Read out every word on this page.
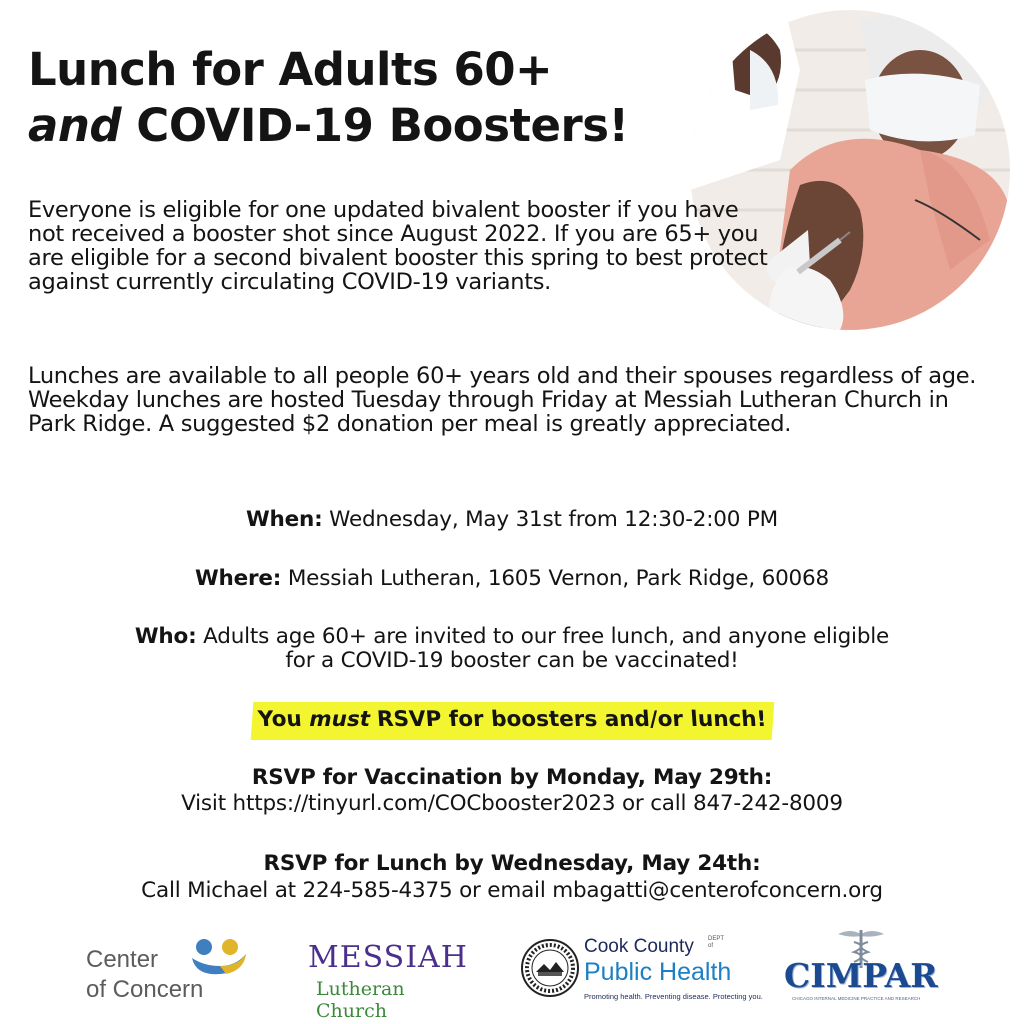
Lunch for Adults 60+
and COVID-19 Boosters!

Everyone is eligible for one updated bivalent booster if you have not received a booster shot since August 2022. If you are 65+ you are eligible for a second bivalent booster this spring to best protect against currently circulating COVID-19 variants.

Lunches are available to all people 60+ years old and their spouses regardless of age. Weekday lunches are hosted Tuesday through Friday at Messiah Lutheran Church in Park Ridge. A suggested $2 donation per meal is greatly appreciated.

When: Wednesday, May 31st from 12:30-2:00 PM

Where: Messiah Lutheran, 1605 Vernon, Park Ridge, 60068

Who: Adults age 60+ are invited to our free lunch, and anyone eligible

for a COVID-19 booster can be vaccinated!

You must RSVP for boosters and/or lunch!

RSVP for Vaccination by Monday, May 29th:

Visit https://tinyurl.com/COCbooster2023 or call 847-242-8009

RSVP for Lunch by Wednesday, May 24th:

Call Michael at 224-585-4375 or email mbagatti@centerofconcern.org

Center
of Concern
MESSIAH
Lutheran Church
Cook County DEPT of
Public Health
Promoting health. Preventing disease. Protecting you.
CIMPAR
CHICAGO INTERNAL MEDICINE PRACTICE AND RESEARCH
